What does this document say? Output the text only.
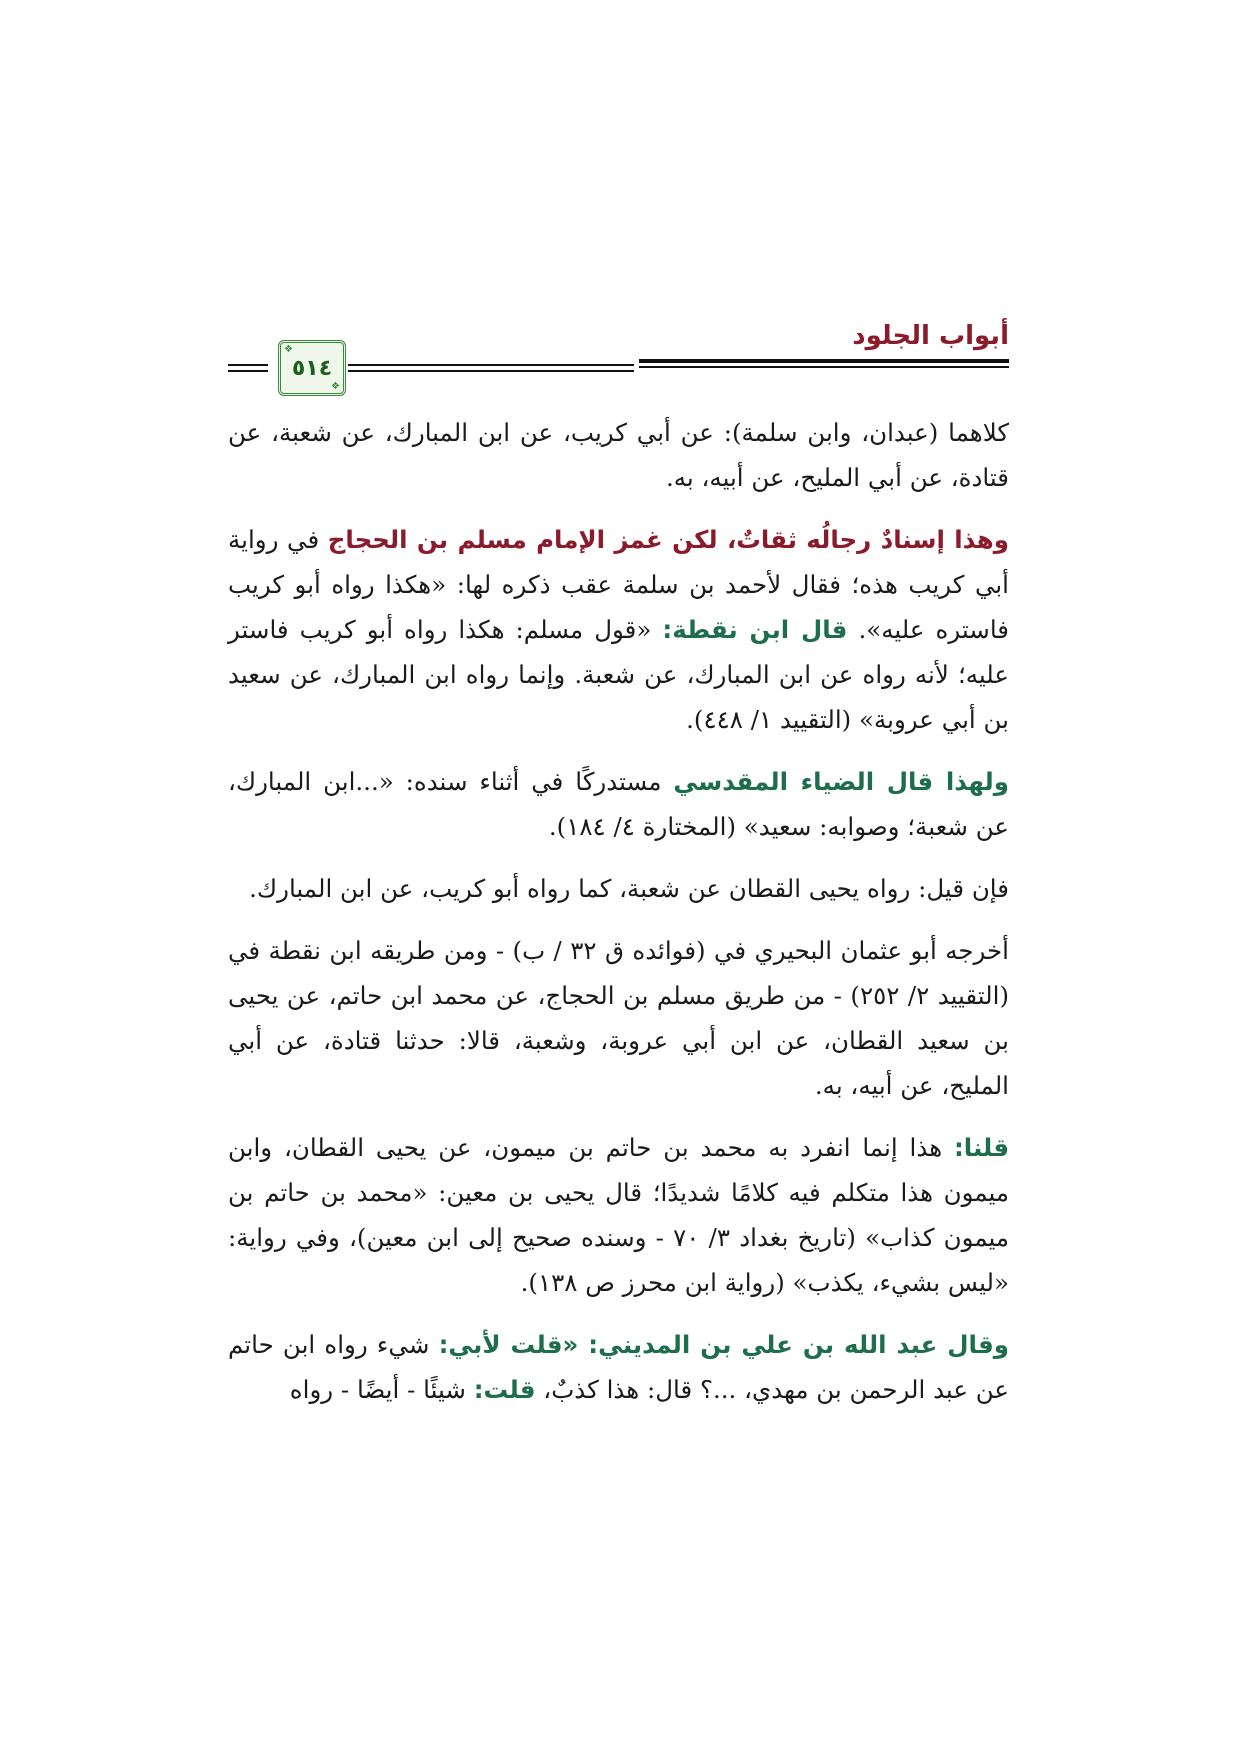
أبواب الجلود
❖ ٥١٤
❖

كلاهما (عبدان، وابن سلمة): عن أبي كريب، عن ابن المبارك، عن شعبة، عن قتادة، عن أبي المليح، عن أبيه، به.

وهذا إسنادٌ رجالُه ثقاتٌ، لكن غمز الإمام مسلم بن الحجاج في رواية أبي كريب هذه؛ فقال لأحمد بن سلمة عقب ذكره لها: «هكذا رواه أبو كريب فاستره عليه». قال ابن نقطة: «قول مسلم: هكذا رواه أبو كريب فاستر عليه؛ لأنه رواه عن ابن المبارك، عن شعبة. وإنما رواه ابن المبارك، عن سعيد بن أبي عروبة» (التقييد ١/ ٤٤٨).

ولهذا قال الضياء المقدسي مستدركًا في أثناء سنده: «...ابن المبارك، عن شعبة؛ وصوابه: سعيد» (المختارة ٤/ ١٨٤).

فإن قيل: رواه يحيى القطان عن شعبة، كما رواه أبو كريب، عن ابن المبارك.

أخرجه أبو عثمان البحيري في (فوائده ق ٣٢ / ب) - ومن طريقه ابن نقطة في (التقييد ٢/ ٢٥٢) - من طريق مسلم بن الحجاج، عن محمد ابن حاتم، عن يحيى بن سعيد القطان، عن ابن أبي عروبة، وشعبة، قالا: حدثنا قتادة، عن أبي المليح، عن أبيه، به.

قلنا: هذا إنما انفرد به محمد بن حاتم بن ميمون، عن يحيى القطان، وابن ميمون هذا متكلم فيه كلامًا شديدًا؛ قال يحيى بن معين: «محمد بن حاتم بن ميمون كذاب» (تاريخ بغداد ٣/ ٧٠ - وسنده صحيح إلى ابن معين)، وفي رواية: «ليس بشيء، يكذب» (رواية ابن محرز ص ١٣٨).

وقال عبد الله بن علي بن المديني: «قلت لأبي: شيء رواه ابن حاتم عن عبد الرحمن بن مهدي، ...؟ قال: هذا كذبٌ، قلت: شيئًا - أيضًا - رواه
